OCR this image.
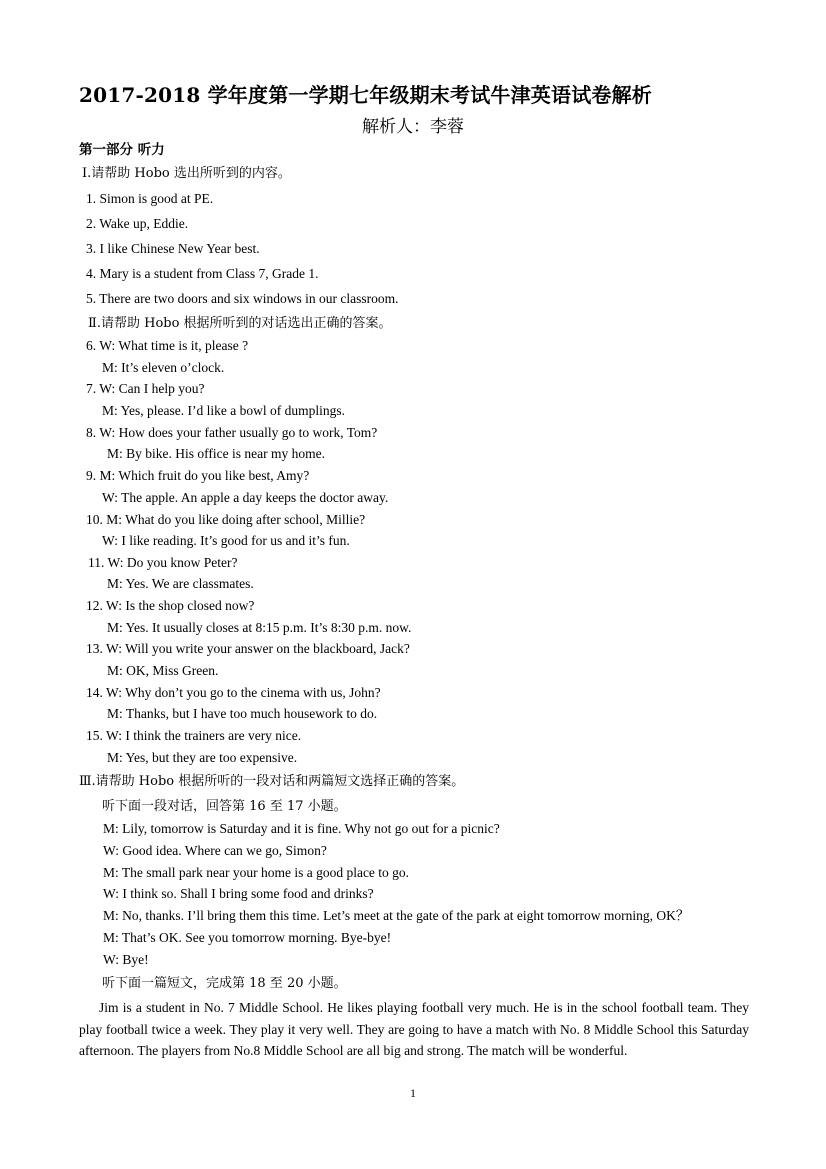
2017-2018 学年度第一学期七年级期末考试牛津英语试卷解析
解析人：李蓉
第一部分 听力
Ⅰ.请帮助 Hobo 选出所听到的内容。
1. Simon is good at PE.
2. Wake up, Eddie.
3. I like Chinese New Year best.
4. Mary is a student from Class 7, Grade 1.
5. There are two doors and six windows in our classroom.
Ⅱ.请帮助 Hobo 根据所听到的对话选出正确的答案。
6. W: What time is it, please ?
M: It’s eleven o’clock.
7. W: Can I help you?
M: Yes, please. I’d like a bowl of dumplings.
8. W: How does your father usually go to work, Tom?
M: By bike. His office is near my home.
9. M: Which fruit do you like best, Amy?
W: The apple. An apple a day keeps the doctor away.
10. M: What do you like doing after school, Millie?
W: I like reading. It’s good for us and it’s fun.
11. W: Do you know Peter?
M: Yes. We are classmates.
12. W: Is the shop closed now?
M: Yes. It usually closes at 8:15 p.m. It’s 8:30 p.m. now.
13. W: Will you write your answer on the blackboard, Jack?
M: OK, Miss Green.
14. W: Why don’t you go to the cinema with us, John?
M: Thanks, but I have too much housework to do.
15. W: I think the trainers are very nice.
M: Yes, but they are too expensive.
Ⅲ.请帮助 Hobo 根据所听的一段对话和两篇短文选择正确的答案。
听下面一段对话，回答第 16 至 17 小题。
M: Lily, tomorrow is Saturday and it is fine. Why not go out for a picnic?
W: Good idea. Where can we go, Simon?
M: The small park near your home is a good place to go.
W: I think so. Shall I bring some food and drinks?
M: No, thanks. I’ll bring them this time. Let’s meet at the gate of the park at eight tomorrow morning, OK？
M: That’s OK. See you tomorrow morning. Bye-bye!
W: Bye!
听下面一篇短文，完成第 18 至 20 小题。
Jim is a student in No. 7 Middle School. He likes playing football very much. He is in the school football team. They play football twice a week. They play it very well. They are going to have a match with No. 8 Middle School this Saturday afternoon. The players from No.8 Middle School are all big and strong. The match will be wonderful.
1
